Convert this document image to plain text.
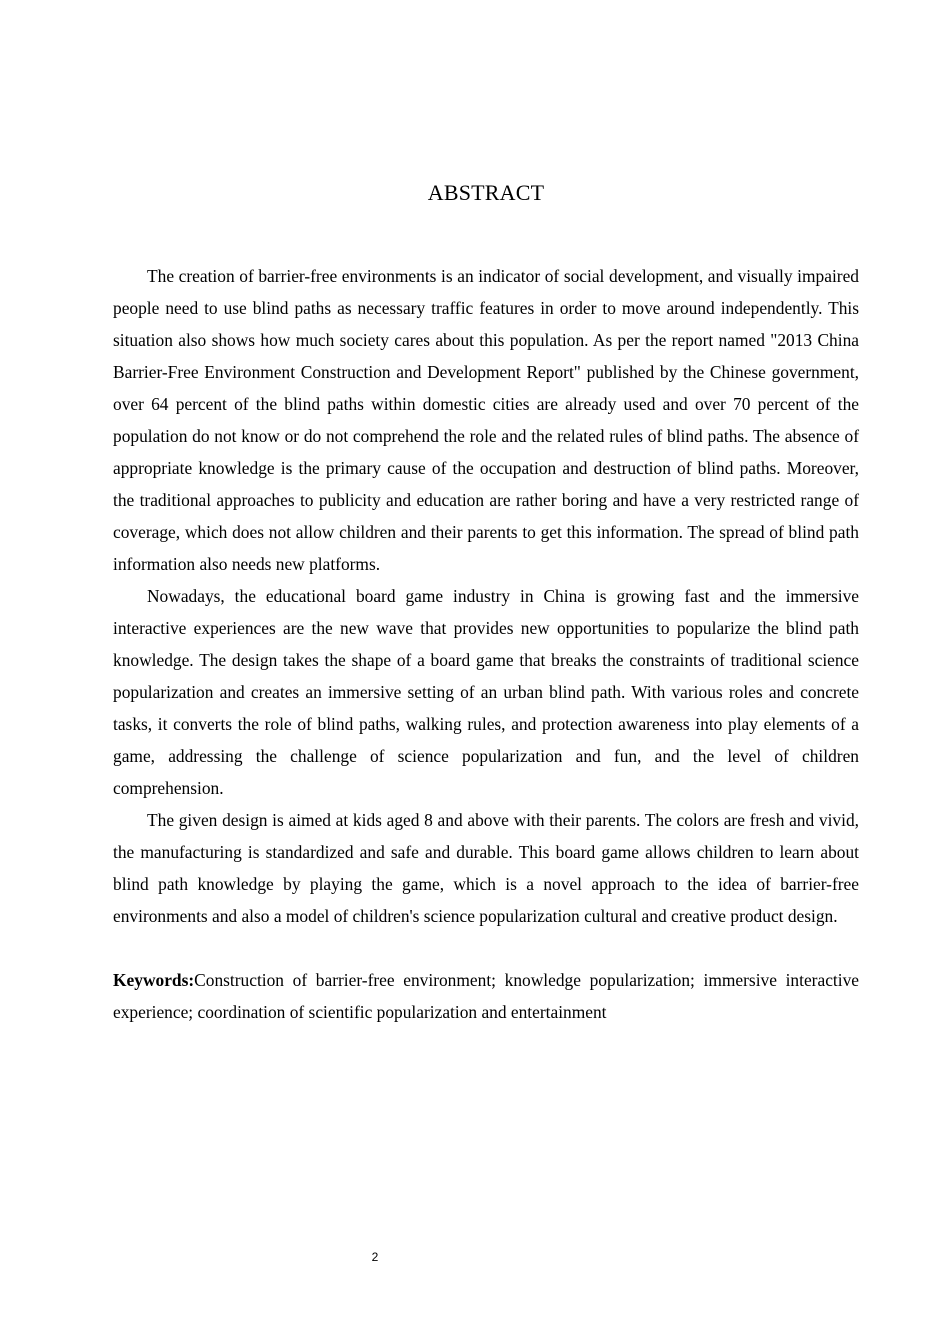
ABSTRACT

The creation of barrier-free environments is an indicator of social development, and visually impaired people need to use blind paths as necessary traffic features in order to move around independently. This situation also shows how much society cares about this population. As per the report named "2013 China Barrier-Free Environment Construction and Development Report" published by the Chinese government, over 64 percent of the blind paths within domestic cities are already used and over 70 percent of the population do not know or do not comprehend the role and the related rules of blind paths. The absence of appropriate knowledge is the primary cause of the occupation and destruction of blind paths. Moreover, the traditional approaches to publicity and education are rather boring and have a very restricted range of coverage, which does not allow children and their parents to get this information. The spread of blind path information also needs new platforms.

Nowadays, the educational board game industry in China is growing fast and the immersive interactive experiences are the new wave that provides new opportunities to popularize the blind path knowledge. The design takes the shape of a board game that breaks the constraints of traditional science popularization and creates an immersive setting of an urban blind path. With various roles and concrete tasks, it converts the role of blind paths, walking rules, and protection awareness into play elements of a game, addressing the challenge of science popularization and fun, and the level of children comprehension.

The given design is aimed at kids aged 8 and above with their parents. The colors are fresh and vivid, the manufacturing is standardized and safe and durable. This board game allows children to learn about blind path knowledge by playing the game, which is a novel approach to the idea of barrier-free environments and also a model of children's science popularization cultural and creative product design.

Keywords:Construction of barrier-free environment; knowledge popularization; immersive interactive experience; coordination of scientific popularization and entertainment

2
